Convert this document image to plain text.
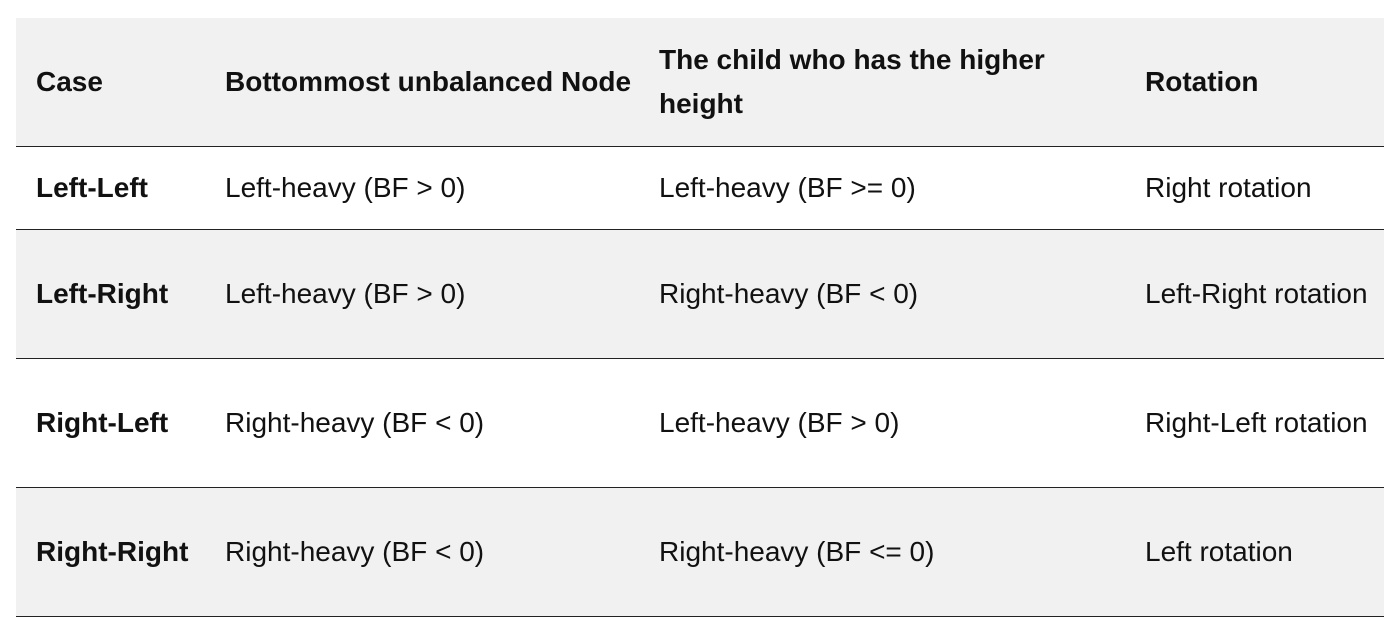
Case	Bottommost unbalanced Node	The child who has the higher height	Rotation
Left-Left	Left-heavy (BF > 0)	Left-heavy (BF >= 0)	Right rotation
Left-Right	Left-heavy (BF > 0)	Right-heavy (BF < 0)	Left-Right rotation
Right-Left	Right-heavy (BF < 0)	Left-heavy (BF > 0)	Right-Left rotation
Right-Right	Right-heavy (BF < 0)	Right-heavy (BF <= 0)	Left rotation
